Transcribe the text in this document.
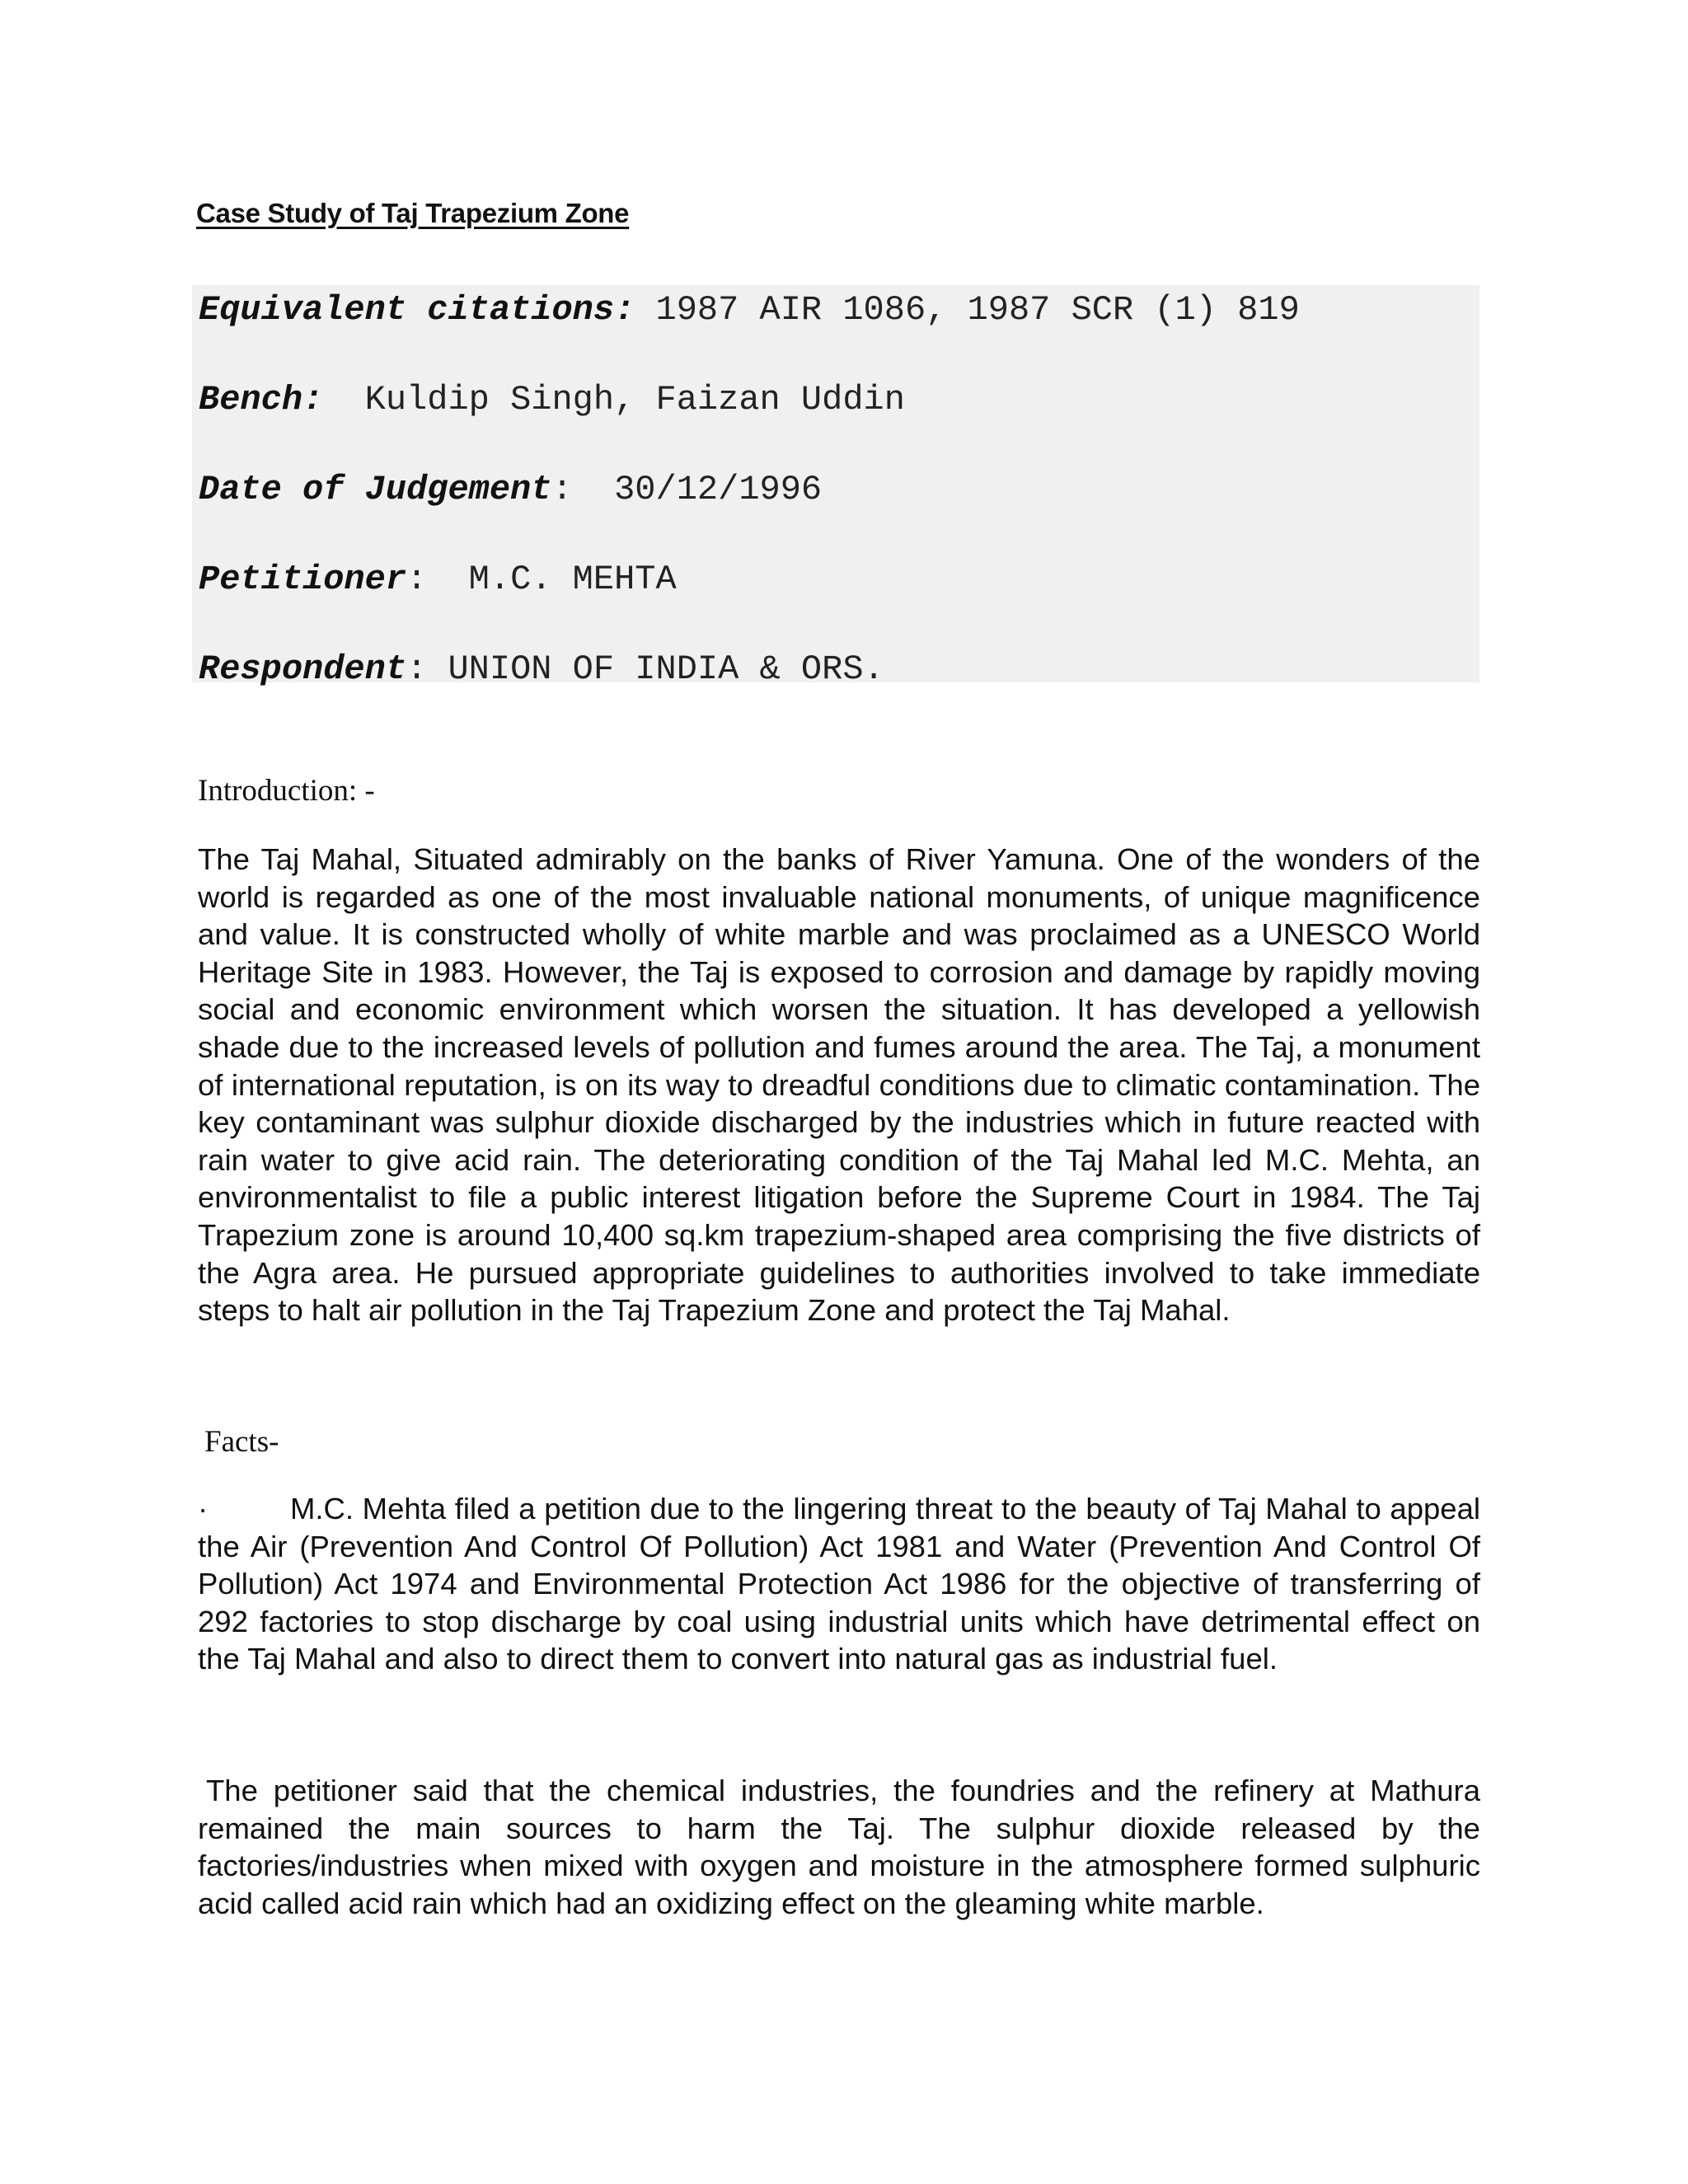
Case Study of Taj Trapezium Zone
Equivalent citations: 1987 AIR 1086, 1987 SCR (1) 819
Bench:  Kuldip Singh, Faizan Uddin
Date of Judgement:  30/12/1996
Petitioner:  M.C. MEHTA
Respondent: UNION OF INDIA & ORS.
Introduction: -
The Taj Mahal, Situated admirably on the banks of River Yamuna. One of the wonders of the world is regarded as one of the most invaluable national monuments, of unique magnificence and value. It is constructed wholly of white marble and was proclaimed as a UNESCO World Heritage Site in 1983. However, the Taj is exposed to corrosion and damage by rapidly moving social and economic environment which worsen the situation. It has developed a yellowish shade due to the increased levels of pollution and fumes around the area. The Taj, a monument of international reputation, is on its way to dreadful conditions due to climatic contamination. The key contaminant was sulphur dioxide discharged by the industries which in future reacted with rain water to give acid rain. The deteriorating condition of the Taj Mahal led M.C. Mehta, an environmentalist to file a public interest litigation before the Supreme Court in 1984. The Taj Trapezium zone is around 10,400 sq.km trapezium-shaped area comprising the five districts of the Agra area. He pursued appropriate guidelines to authorities involved to take immediate steps to halt air pollution in the Taj Trapezium Zone and protect the Taj Mahal.
Facts-
·	M.C. Mehta filed a petition due to the lingering threat to the beauty of Taj Mahal to appeal the Air (Prevention And Control Of Pollution) Act 1981 and Water (Prevention And Control Of Pollution) Act 1974 and Environmental Protection Act 1986 for the objective of transferring of 292 factories to stop discharge by coal using industrial units which have detrimental effect on the Taj Mahal and also to direct them to convert into natural gas as industrial fuel.
The petitioner said that the chemical industries, the foundries and the refinery at Mathura remained the main sources to harm the Taj. The sulphur dioxide released by the factories/industries when mixed with oxygen and moisture in the atmosphere formed sulphuric acid called acid rain which had an oxidizing effect on the gleaming white marble.
